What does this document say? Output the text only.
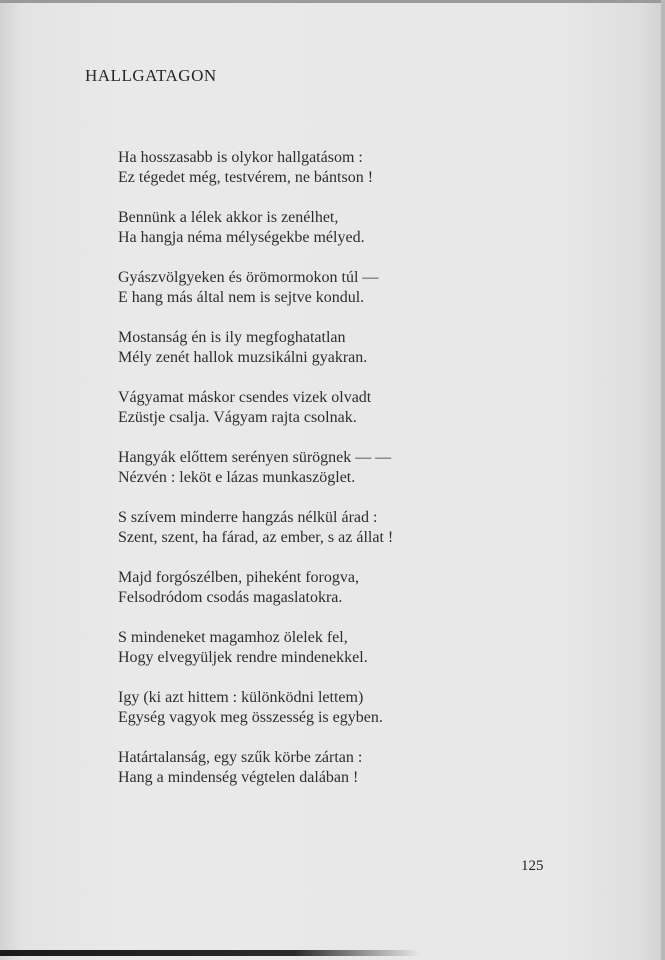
HALLGATAGON
Ha hosszasabb is olykor hallgatásom :
Ez tégedet még, testvérem, ne bántson !
Bennünk a lélek akkor is zenélhet,
Ha hangja néma mélységekbe mélyed.
Gyászvölgyeken és örömormokon túl —
E hang más által nem is sejtve kondul.
Mostanság én is ily megfoghatatlan
Mély zenét hallok muzsikálni gyakran.
Vágyamat máskor csendes vizek olvadt
Ezüstje csalja. Vágyam rajta csolnak.
Hangyák előttem serényen sürögnek — —
Nézvén : leköt e lázas munkaszöglet.
S szívem minderre hangzás nélkül árad :
Szent, szent, ha fárad, az ember, s az állat !
Majd forgószélben, piheként forogva,
Felsodródom csodás magaslatokra.
S mindeneket magamhoz ölelek fel,
Hogy elvegyüljek rendre mindenekkel.
Igy (ki azt hittem : különködni lettem)
Egység vagyok meg összesség is egyben.
Határtalanság, egy szűk körbe zártan :
Hang a mindenség végtelen dalában !
125
